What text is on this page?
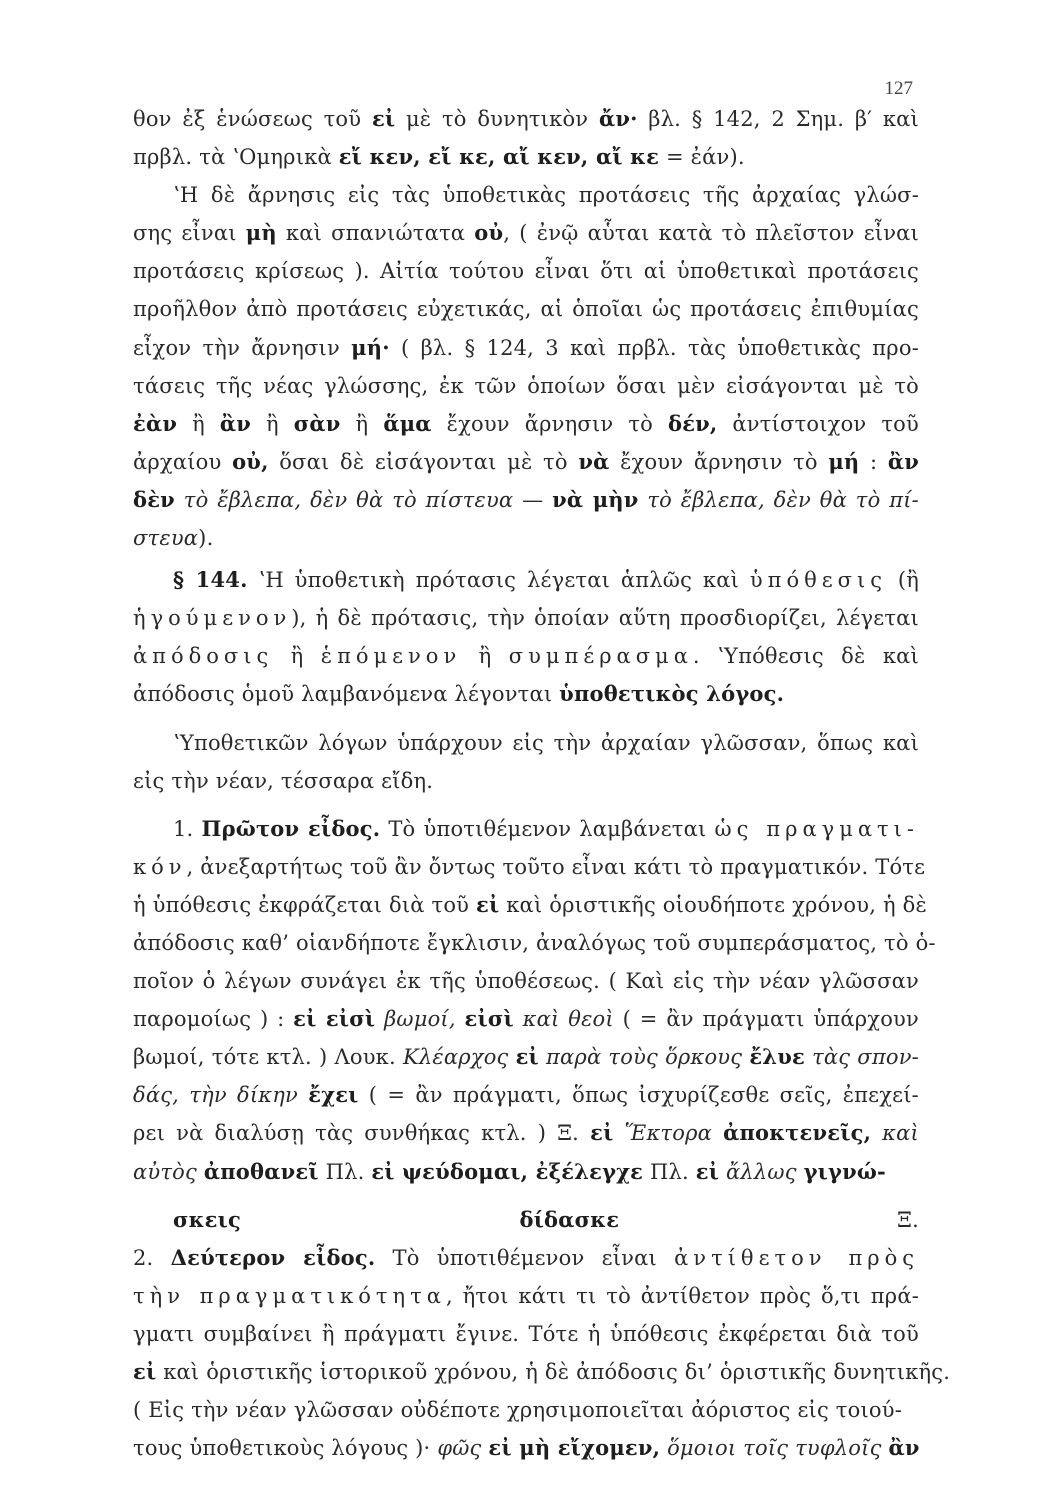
127
θον ἐξ ἑνώσεως τοῦ εἰ μὲ τὸ δυνητικὸν ἄν· βλ. § 142, 2 Σημ. β′ καὶ
πρβλ. τὰ ʽΟμηρικὰ εἴ κεν, εἴ κε, αἴ κεν, αἴ κε = ἐάν).
ʽΗ δὲ ἄρνησις εἰς τὰς ὑποθετικὰς προτάσεις τῆς ἀρχαίας γλώσ-
σης εἶναι μὴ καὶ σπανιώτατα οὐ, ( ἐνῷ αὗται κατὰ τὸ πλεῖστον εἶναι
προτάσεις κρίσεως ). Αἰτία τούτου εἶναι ὅτι αἱ ὑποθετικαὶ προτάσεις
προῆλθον ἀπὸ προτάσεις εὐχετικάς, αἱ ὁποῖαι ὡς προτάσεις ἐπιθυμίας
εἶχον τὴν ἄρνησιν μή· ( βλ. § 124, 3 καὶ πρβλ. τὰς ὑποθετικὰς προ-
τάσεις τῆς νέας γλώσσης, ἐκ τῶν ὁποίων ὅσαι μὲν εἰσάγονται μὲ τὸ
ἐὰν ἢ ἂν ἢ σὰν ἢ ἅμα ἔχουν ἄρνησιν τὸ δέν, ἀντίστοιχον τοῦ
ἀρχαίου οὐ, ὅσαι δὲ εἰσάγονται μὲ τὸ νὰ ἔχουν ἄρνησιν τὸ μή : ἂν
δὲν τὸ ἔβλεπα, δὲν θὰ τὸ πίστευα — νὰ μὴν τὸ ἔβλεπα, δὲν θὰ τὸ πί-
στευα).
§ 144. ʽΗ ὑποθετικὴ πρότασις λέγεται ἁπλῶς καὶ ὑπόθεσις (ἢ
ἡγούμενον), ἡ δὲ πρότασις, τὴν ὁποίαν αὕτη προσδιορίζει, λέγεται
ἀπόδοσις ἢ ἑπόμενον ἢ συμπέρασμα. ʽΥπόθεσις δὲ καὶ
ἀπόδοσις ὁμοῦ λαμβανόμενα λέγονται ὑποθετικὸς λόγος.
ʽΥποθετικῶν λόγων ὑπάρχουν εἰς τὴν ἀρχαίαν γλῶσσαν, ὅπως καὶ
εἰς τὴν νέαν, τέσσαρα εἴδη.
1. Πρῶτον εἶδος. Τὸ ὑποτιθέμενον λαμβάνεται ὡς πραγματι-
κόν, ἀνεξαρτήτως τοῦ ἂν ὄντως τοῦτο εἶναι κάτι τὸ πραγματικόν. Τότε
ἡ ὑπόθεσις ἐκφράζεται διὰ τοῦ εἰ καὶ ὁριστικῆς οἱουδήποτε χρόνου, ἡ δὲ
ἀπόδοσις καθ’ οἱανδήποτε ἔγκλισιν, ἀναλόγως τοῦ συμπεράσματος, τὸ ὁ-
ποῖον ὁ λέγων συνάγει ἐκ τῆς ὑποθέσεως. ( Καὶ εἰς τὴν νέαν γλῶσσαν
παρομοίως ) : εἰ εἰσὶ βωμοί, εἰσὶ καὶ θεοὶ ( = ἂν πράγματι ὑπάρχουν
βωμοί, τότε κτλ. ) Λουκ. Κλέαρχος εἰ παρὰ τοὺς ὅρκους ἔλυε τὰς σπον-
δάς, τὴν δίκην ἔχει ( = ἂν πράγματι, ὅπως ἰσχυρίζεσθε σεῖς, ἐπεχεί-
ρει νὰ διαλύσῃ τὰς συνθήκας κτλ. ) Ξ. εἰ Ἕκτορα ἀποκτενεῖς, καὶ
αὐτὸς ἀποθανεῖ Πλ. εἰ ψεύδομαι, ἐξέλεγχε Πλ. εἰ ἄλλως γιγνώ-
σκεις δίδασκε Ξ.
2. Δεύτερον εἶδος. Τὸ ὑποτιθέμενον εἶναι ἀντίθετον πρὸς
τὴν πραγματικότητα, ἤτοι κάτι τι τὸ ἀντίθετον πρὸς ὅ,τι πρά-
γματι συμβαίνει ἢ πράγματι ἔγινε. Τότε ἡ ὑπόθεσις ἐκφέρεται διὰ τοῦ
εἰ καὶ ὁριστικῆς ἱστορικοῦ χρόνου, ἡ δὲ ἀπόδοσις δι’ ὁριστικῆς δυνητικῆς.
( Εἰς τὴν νέαν γλῶσσαν οὐδέποτε χρησιμοποιεῖται ἀόριστος εἰς τοιού-
τους ὑποθετικοὺς λόγους )· φῶς εἰ μὴ εἴχομεν, ὅμοιοι τοῖς τυφλοῖς ἂν
